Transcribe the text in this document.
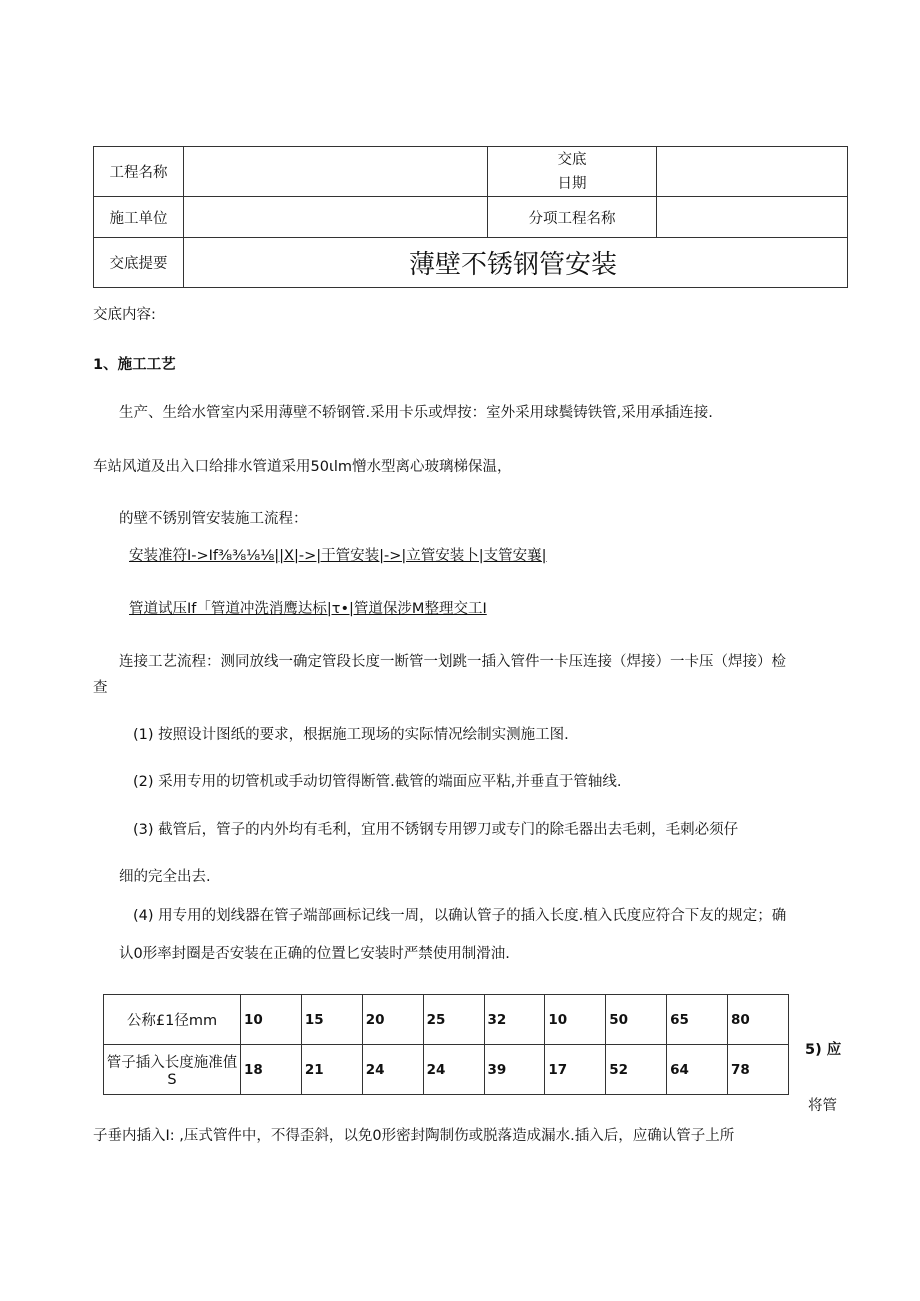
工程名称		交底
日期	

施工单位		分项工程名称	
交底提要	薄壁不锈钢管安装		
交底内容:
1、施工工艺
生产、生给水管室内采用薄壁不轿钢管.采用卡乐或焊按：室外采用球鬓铸铁管,采用承插连接.
车站风道及出入口给排水管道采用50ιlm憎水型离心玻璃梯保温，
的壁不锈别管安装施工流程：
安装准符I->If⅜⅜⅛⅛||X|->|干管安装|->|立管安装卜|支管安襄|
管道试压If「管道冲洗消鹰达标|τ•|管道保涉M整理交工I
连接工艺流程：测同放线一确定管段长度一断管一划跳一插入管件一卡压连接（焊接）一卡压（焊接）检
查
(1) 按照设计图纸的要求，根据施工现场的实际情况绘制实测施工图.
(2) 采用专用的切管机或手动切管得断管.截管的端面应平粘,并垂直于管轴线.
(3) 截管后，管子的内外均有毛利，宜用不锈钢专用锣刀或专门的除毛器出去毛刺，毛刺必须仔
细的完全出去.
(4) 用专用的划线器在管子端部画标记线一周，以确认管子的插入长度.植入氏度应符合下友的规定；确
认0形率封圈是否安装在正确的位置匕安装时严禁使用制滑油.
公称£1径mm	10	15	20	25	32	10	50	65	80
管子插入长度施准值S	18	21	24	24	39	17	52	64	78
5) 应
将管
子垂内插入I: ,压式管件中，不得歪斜，以免0形密封陶制伤或脱落造成漏水.插入后，应确认管子上所
